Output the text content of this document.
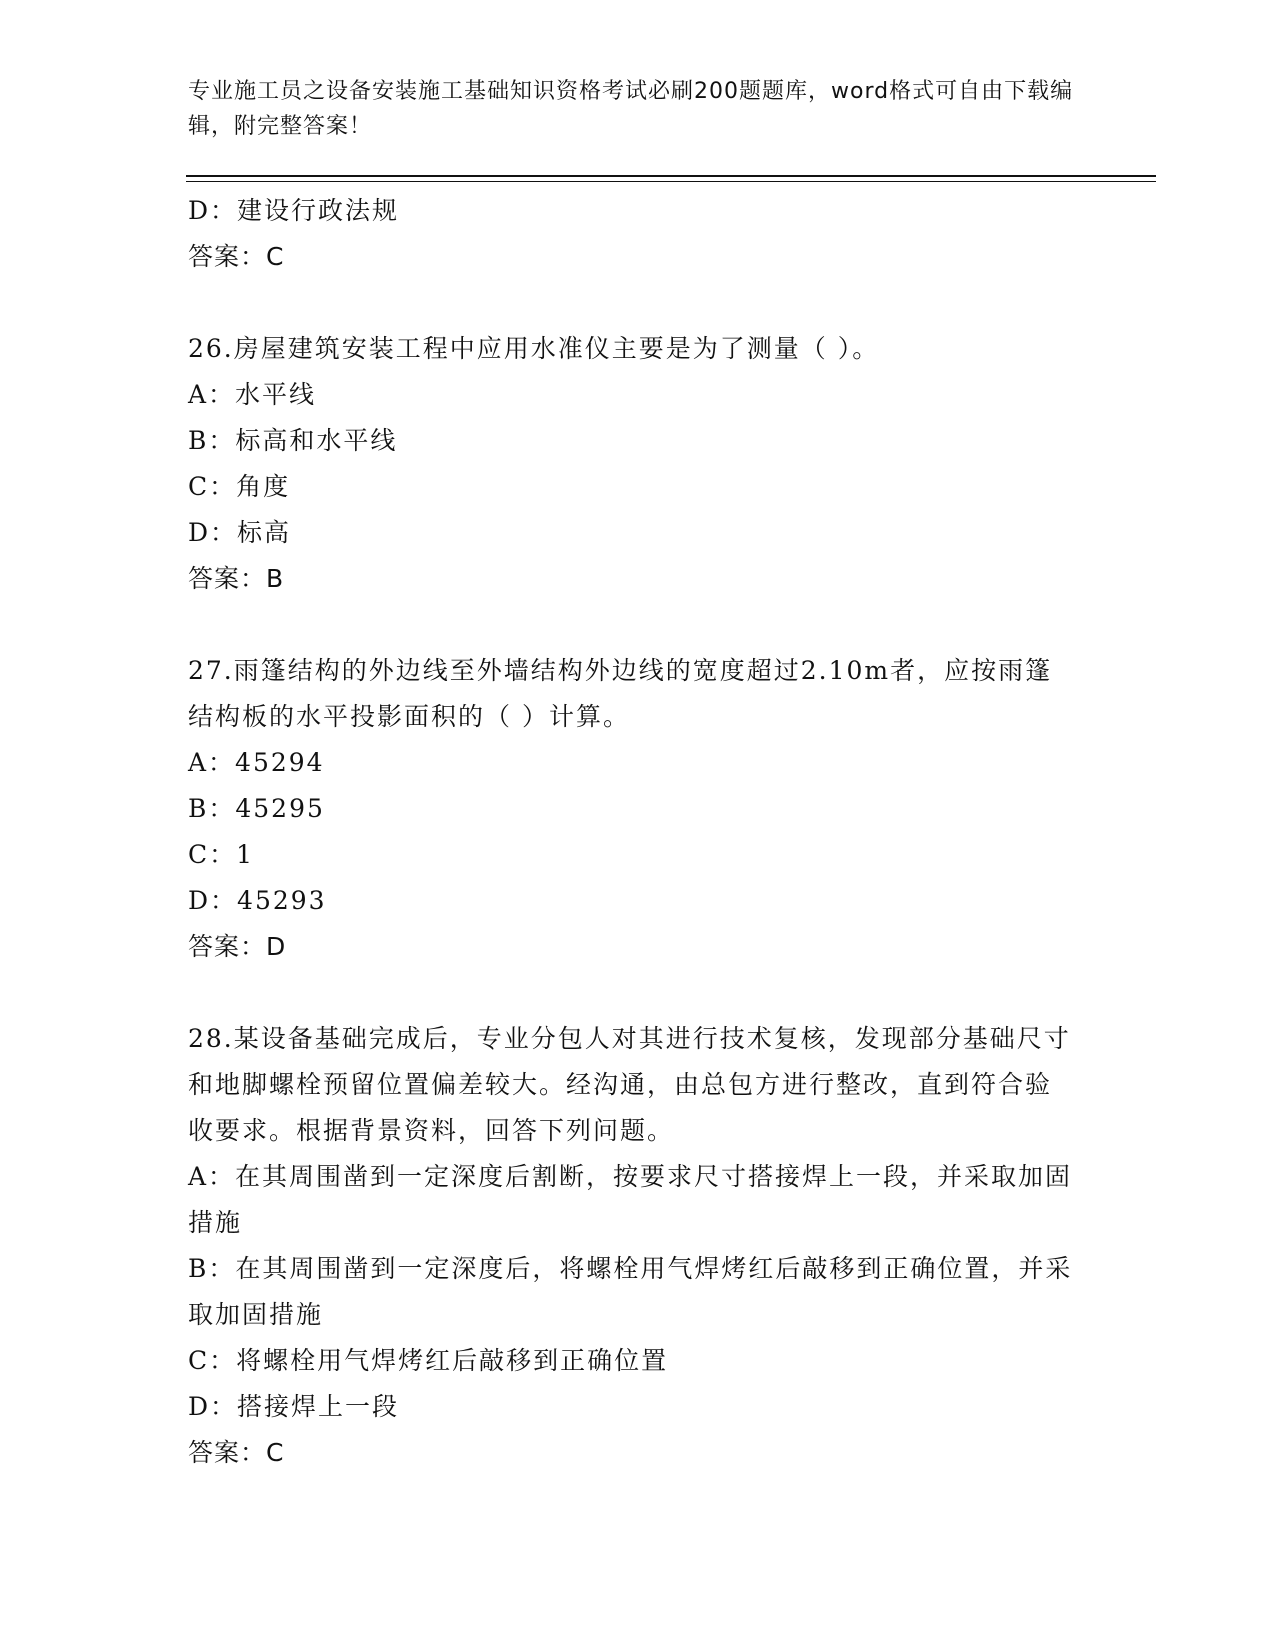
专业施工员之设备安装施工基础知识资格考试必刷200题题库，word格式可自由下载编辑，附完整答案！
D：建设行政法规
答案：C
26.房屋建筑安装工程中应用水准仪主要是为了测量（ ）。
A：水平线
B：标高和水平线
C：角度
D：标高
答案：B
27.雨篷结构的外边线至外墙结构外边线的宽度超过2.10m者，应按雨篷结构板的水平投影面积的（ ）计算。
A：45294
B：45295
C：1
D：45293
答案：D
28.某设备基础完成后，专业分包人对其进行技术复核，发现部分基础尺寸和地脚螺栓预留位置偏差较大。经沟通，由总包方进行整改，直到符合验收要求。根据背景资料，回答下列问题。
A：在其周围凿到一定深度后割断，按要求尺寸搭接焊上一段，并采取加固措施
B：在其周围凿到一定深度后，将螺栓用气焊烤红后敲移到正确位置，并采取加固措施
C：将螺栓用气焊烤红后敲移到正确位置
D：搭接焊上一段
答案：C
